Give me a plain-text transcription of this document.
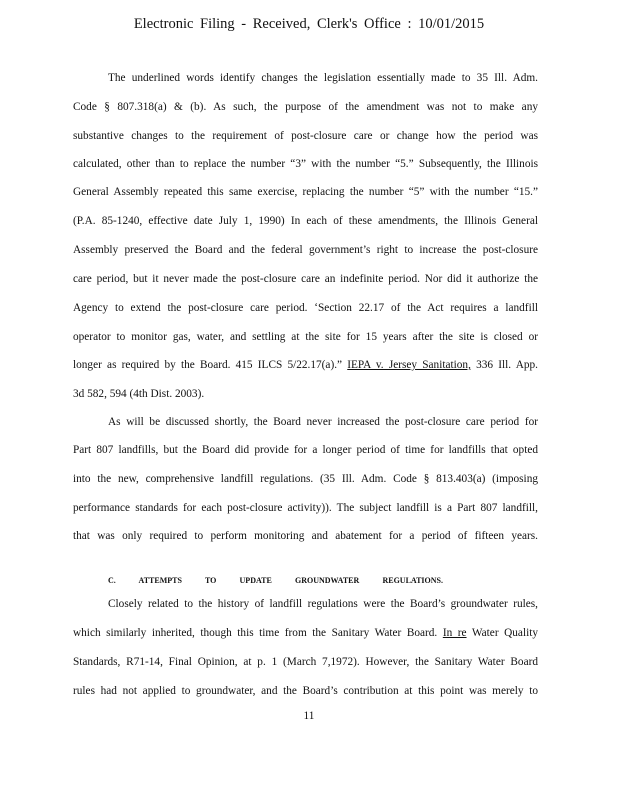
Electronic Filing - Received, Clerk's Office : 10/01/2015
The underlined words identify changes the legislation essentially made to 35 Ill. Adm.
Code § 807.318(a) & (b). As such, the purpose of the amendment was not to make any
substantive changes to the requirement of post-closure care or change how the period was
calculated, other than to replace the number “3” with the number “5.” Subsequently, the Illinois
General Assembly repeated this same exercise, replacing the number “5” with the number “15.”
(P.A. 85-1240, effective date July 1, 1990) In each of these amendments, the Illinois General
Assembly preserved the Board and the federal government’s right to increase the post-closure
care period, but it never made the post-closure care an indefinite period. Nor did it authorize the
Agency to extend the post-closure care period. ‘Section 22.17 of the Act requires a landfill
operator to monitor gas, water, and settling at the site for 15 years after the site is closed or
longer as required by the Board. 415 ILCS 5/22.17(a).” IEPA v. Jersey Sanitation, 336 Ill. App.
3d 582, 594 (4th Dist. 2003).
As will be discussed shortly, the Board never increased the post-closure care period for
Part 807 landfills, but the Board did provide for a longer period of time for landfills that opted
into the new, comprehensive landfill regulations. (35 Ill. Adm. Code § 813.403(a) (imposing
performance standards for each post-closure activity)). The subject landfill is a Part 807 landfill,
that was only required to perform monitoring and abatement for a period of fifteen years.
C. ATTEMPTS TO UPDATE GROUNDWATER REGULATIONS.
Closely related to the history of landfill regulations were the Board’s groundwater rules,
which similarly inherited, though this time from the Sanitary Water Board. In re Water Quality
Standards, R71-14, Final Opinion, at p. 1 (March 7,1972). However, the Sanitary Water Board
rules had not applied to groundwater, and the Board’s contribution at this point was merely to
11
